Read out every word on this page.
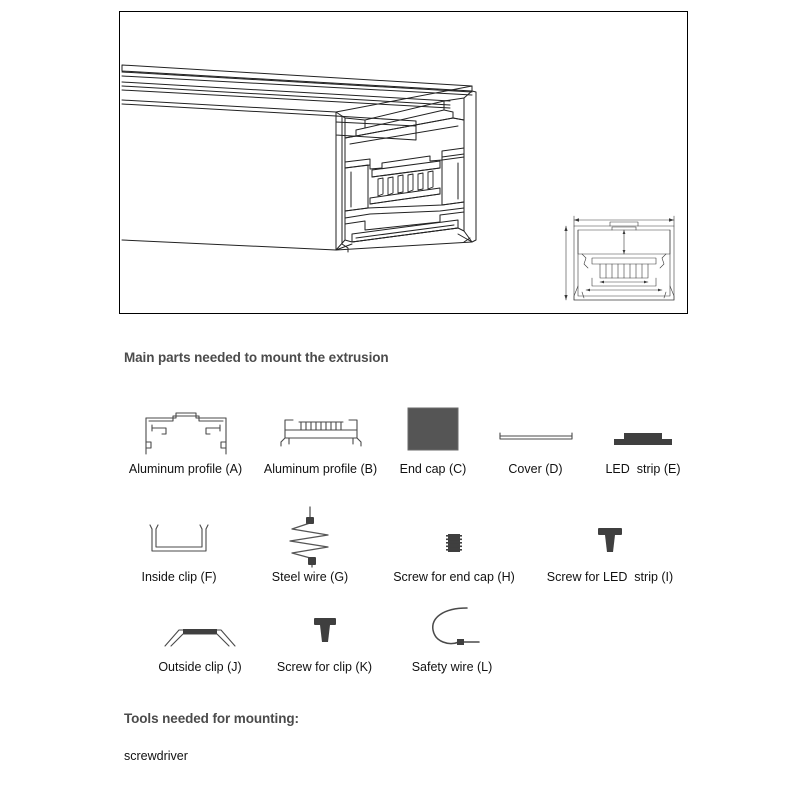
Main parts needed to mount the extrusion
Aluminum profile (A)	Aluminum profile (B)	End cap (C)	Cover (D)	LED  strip (E)
Inside clip (F)	Steel wire (G)	Screw for end cap (H)	Screw for LED  strip (I)
Outside clip (J)	Screw for clip (K)	Safety wire (L)
Tools needed for mounting:
screwdriver
